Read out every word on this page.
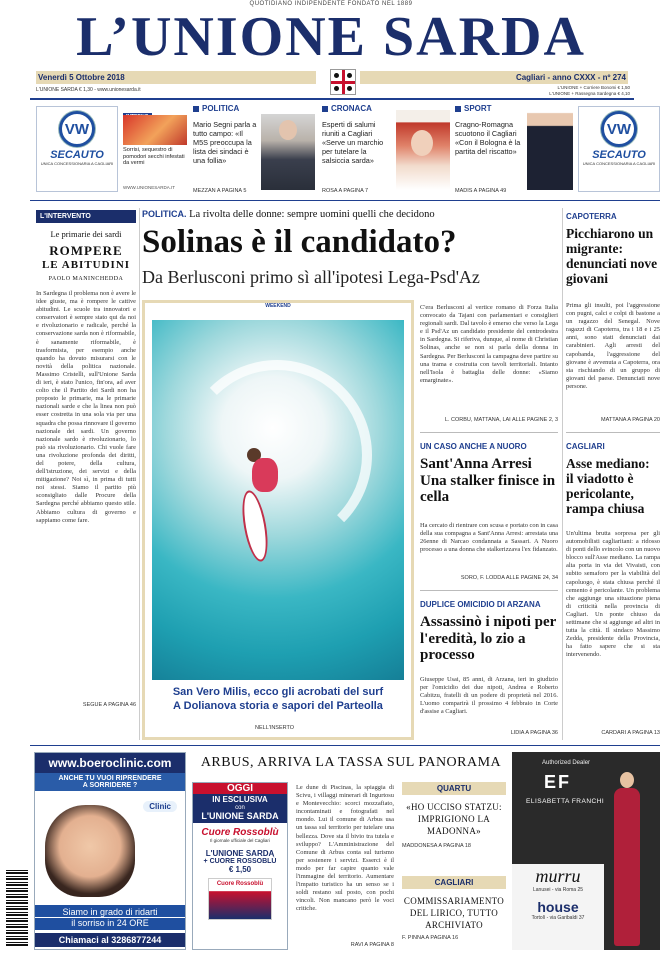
QUOTIDIANO INDIPENDENTE FONDATO NEL 1889
L’UNIONE SARDA
Venerdì 5 Ottobre 2018	Cagliari - anno CXXX - nº 274
L'UNIONE SARDA € 1,30 - www.unionesarda.it	L'UNIONE + Corriere Bonomi € 1,50
L'UNIONE + Rassegna Sardegna € 4,10
VW
SECAUTO
UNICA CONCESSIONARIA A CAGLIARI
Sorrisi, sequestro di pomodori secchi infestati da vermi
WWW.UNIONESARDA.IT
POLITICA
Mario Segni parla a tutto campo: «Il M5S preoccupa la lista dei sindaci è una follia»
MEZZAN A PAGINA 5
CRONACA
Esperti di salumi riuniti a Cagliari «Serve un marchio per tutelare la salsiccia sarda»
ROSA A PAGINA 7
SPORT
Cragno-Romagna scuotono il Cagliari «Con il Bologna è la partita del riscatto»
MADIS A PAGINA 49
VW
SECAUTO
UNICA CONCESSIONARIA A CAGLIARI
L'INTERVENTO
Le primarie dei sardi
ROMPERE
LE ABITUDINI
PAOLO MANINCHEDDA
In Sardegna il problema non è avere le idee giuste, ma è rompere le cattive abitudini. Le scuole tra innovatori e conservatori è sempre stato qui da noi e rivoluzionario e radicale, perché la conservazione sarda non è riformabile, è sanamente riformabile, è trasformista, per esempio anche quando ha dovuto misurarsi con le novità della politica nazionale. Massimo Cristelli, sull'Unione Sarda di ieri, è stato l'unico, fin'ora, ad aver colto che il Partito dei Sardi non ha proposto le primarie, ma le primarie nazionali sarde e che la linea non può esser costretta in una sola via per una squadra che possa rinnovare il governo nazionale dei sardi. Un governo nazionale sardo è rivoluzionario, lo può sia rivoluzionario. Chi vuole fare una rivoluzione profonda dei diritti, del potere, della cultura, dell'istruzione, dei servizi e della mitigazione? Noi sì, in prima di tutti noi stessi. Siamo il partito più sconsigliato dalle Procure della Sardegna perché abbiamo questo stile. Abbiamo cultura di governo e sappiamo come fare.
SEGUE A PAGINA 46
POLITICA. La rivolta delle donne: sempre uomini quelli che decidono
Solinas è il candidato?
Da Berlusconi primo sì all'ipotesi Lega-Psd'Az
WEEKEND
San Vero Milis, ecco gli acrobati del surf
A Dolianova storia e sapori del Parteolla
NELL'INSERTO
C'era Berlusconi al vertice romano di Forza Italia convocato da Tajani con parlamentari e consiglieri regionali sardi. Dal tavolo è emerso che verso la Lega e il Psd'Az un candidato presidente del centrodestra in Sardegna. Si riferiva, dunque, al nome di Christian Solinas, anche se non si parla della donna in Sardegna. Per Berlusconi la campagna deve partire su una trama e costruita con tavoli territoriali. Intanto nell'Isola è battaglia delle donne: «Siamo emarginate».
L. CORBU, MATTANA, LAI ALLE PAGINE 2, 3
UN CASO ANCHE A NUORO
Sant'Anna Arresi Una stalker finisce in cella
Ha cercato di rientrare con scusa e portato con in casa della sua compagna a Sant'Anna Arresi: arrestata una 26enne di Narcao condannata a Sassari. A Nuoro processo a una donna che stalkerizzava l'ex fidanzato.
SORO, F. LODDA ALLE PAGINE 24, 34
DUPLICE OMICIDIO DI ARZANA
Assassinò i nipoti per l'eredità, lo zio a processo
Giuseppe Usai, 85 anni, di Arzana, ieri in giudizio per l'omicidio dei due nipoti, Andrea e Roberto Cabitzu, fratelli di un podere di proprietà nel 2016. L'uomo comparirà il prossimo 4 febbraio in Corte d'assise a Cagliari.
LIDIA A PAGINA 36
CAPOTERRA
Picchiarono un migrante: denunciati nove giovani
Prima gli insulti, poi l'aggressione con pugni, calci e colpi di bastone a un ragazzo del Senegal. Nove ragazzi di Capoterra, tra i 18 e i 25 anni, sono stati denunciati dai carabinieri. Agli arresti del capobanda, l'aggressione del giovane è avvenuta a Capoterra, ora sta rischiando di un gruppo di giovani del paese. Denunciati nove persone.
MATTANA A PAGINA 20
CAGLIARI
Asse mediano: il viadotto è pericolante, rampa chiusa
Un'ultima brutta sorpresa per gli automobilisti cagliaritani: a ridosso di ponti dello svincolo con un nuovo blocco sull'Asse mediano. La rampa alta porta in via dei Vivaisti, con subito semaforo per la viabilità del capoluogo, è stata chiusa perché il cemento è pericolante. Un problema che aggiunge una situazione piena di criticità nella provincia di Cagliari. Un ponte chiuso da settimane che si aggiunge ad altri in tutta la città. Il sindaco Massimo Zedda, presidente della Provincia, ha fatto sapere che si sta intervenendo.
CARDARI A PAGINA 13
www.boeroclinic.com
ANCHE TU VUOI RIPRENDERE
A SORRIDERE ?
Clinic
Siamo in grado di ridarti
il sorriso in 24 ORE
Chiamaci al 3286877244
OGGI
IN ESCLUSIVA
con
L'UNIONE SARDA
Cuore Rossoblù
Il giornale ufficiale del Cagliari
L'UNIONE SARDA
+ CUORE ROSSOBLÙ
€ 1,50
Cuore Rossoblù
ARBUS, ARRIVA LA TASSA SUL PANORAMA
Le dune di Piscinas, la spiaggia di Scivu, i villaggi minerari di Ingurtosu e Montevecchio: scorci mozzafiato, incontaminati e fotografati nel mondo. Lui il comune di Arbus usa un tassa sul territorio per tutelare una bellezza. Dove sta il bivio tra tutela e sviluppo? L'Amministrazione del Comune di Arbus conta sul turismo per sostenere i servizi. Esserci è il modo per far capire quanto vale l'immagine del territorio. Aumentare l'impatto turistico ha un senso se i soldi restano sul posto, con pochi vincoli. Non mancano però le voci critiche.
RAVI A PAGINA 8
QUARTU
«HO UCCISO STATZU: IMPRIGIONO LA MADONNA»
MADDONESA A PAGINA 18
CAGLIARI
COMMISSARIAMENTO DEL LIRICO, TUTTO ARCHIVIATO
F. PINNA A PAGINA 16
Authorized Dealer
EF
ELISABETTA FRANCHI
murru
Lanusei - via Roma 25
house
Tortolì - via Garibaldi 37
